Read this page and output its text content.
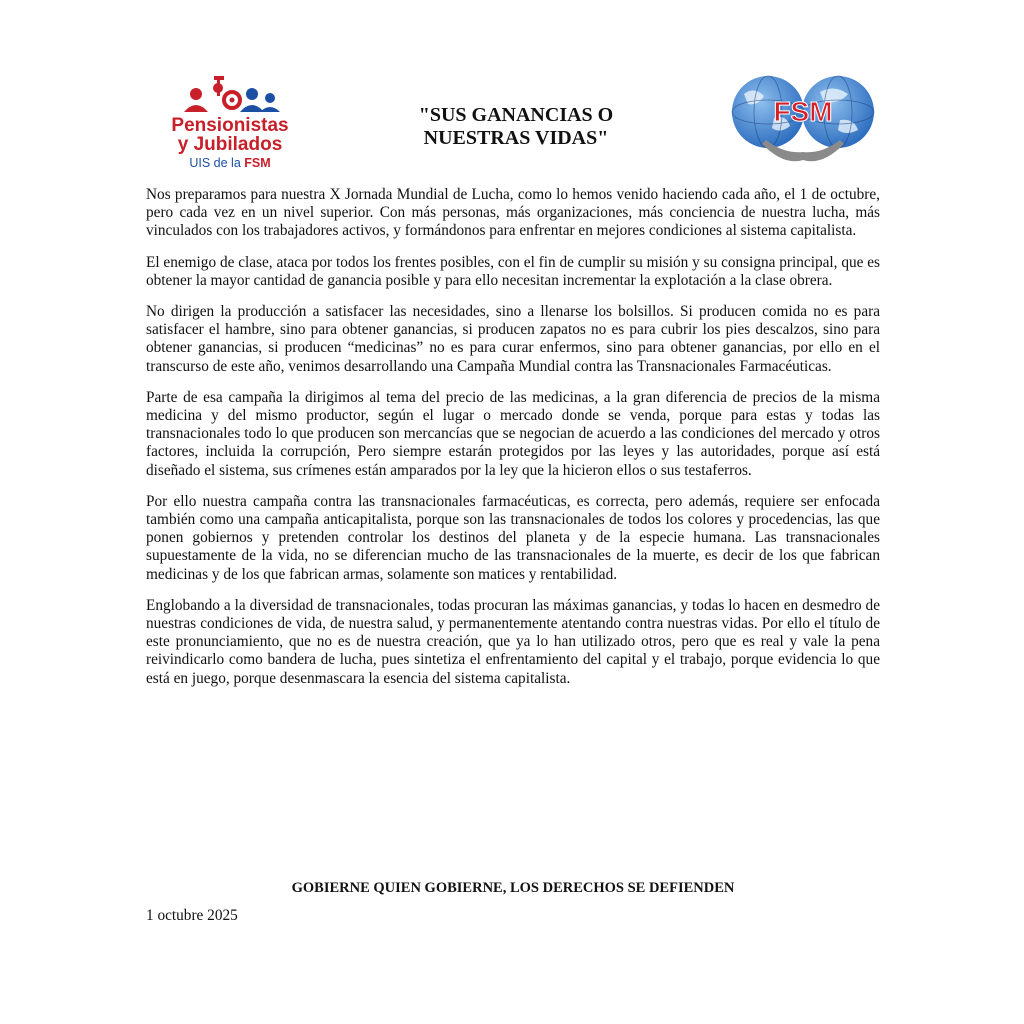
Pensionistas
y Jubilados
UIS de la FSM
"SUS GANANCIAS O
NUESTRAS VIDAS"
FSM

Nos preparamos para nuestra X Jornada Mundial de Lucha, como lo hemos venido haciendo cada año, el 1 de octubre, pero cada vez en un nivel superior. Con más personas, más organizaciones, más conciencia de nuestra lucha, más vinculados con los trabajadores activos, y formándonos para enfrentar en mejores condiciones al sistema capitalista.

El enemigo de clase, ataca por todos los frentes posibles, con el fin de cumplir su misión y su consigna principal, que es obtener la mayor cantidad de ganancia posible y para ello necesitan incrementar la explotación a la clase obrera.

No dirigen la producción a satisfacer las necesidades, sino a llenarse los bolsillos. Si producen comida no es para satisfacer el hambre, sino para obtener ganancias, si producen zapatos no es para cubrir los pies descalzos, sino para obtener ganancias, si producen “medicinas” no es para curar enfermos, sino para obtener ganancias, por ello en el transcurso de este año, venimos desarrollando una Campaña Mundial contra las Transnacionales Farmacéuticas.

Parte de esa campaña la dirigimos al tema del precio de las medicinas, a la gran diferencia de precios de la misma medicina y del mismo productor, según el lugar o mercado donde se venda, porque para estas y todas las transnacionales todo lo que producen son mercancías que se negocian de acuerdo a las condiciones del mercado y otros factores, incluida la corrupción, Pero siempre estarán protegidos por las leyes y las autoridades, porque así está diseñado el sistema, sus crímenes están amparados por la ley que la hicieron ellos o sus testaferros.

Por ello nuestra campaña contra las transnacionales farmacéuticas, es correcta, pero además, requiere ser enfocada también como una campaña anticapitalista, porque son las transnacionales de todos los colores y procedencias, las que ponen gobiernos y pretenden controlar los destinos del planeta y de la especie humana. Las transnacionales supuestamente de la vida, no se diferencian mucho de las transnacionales de la muerte, es decir de los que fabrican medicinas y de los que fabrican armas, solamente son matices y rentabilidad.

Englobando a la diversidad de transnacionales, todas procuran las máximas ganancias, y todas lo hacen en desmedro de nuestras condiciones de vida, de nuestra salud, y permanentemente atentando contra nuestras vidas. Por ello el título de este pronunciamiento, que no es de nuestra creación, que ya lo han utilizado otros, pero que es real y vale la pena reivindicarlo como bandera de lucha, pues sintetiza el enfrentamiento del capital y el trabajo, porque evidencia lo que está en juego, porque desenmascara la esencia del sistema capitalista.

GOBIERNE QUIEN GOBIERNE, LOS DERECHOS SE DEFIENDEN
1 octubre 2025
